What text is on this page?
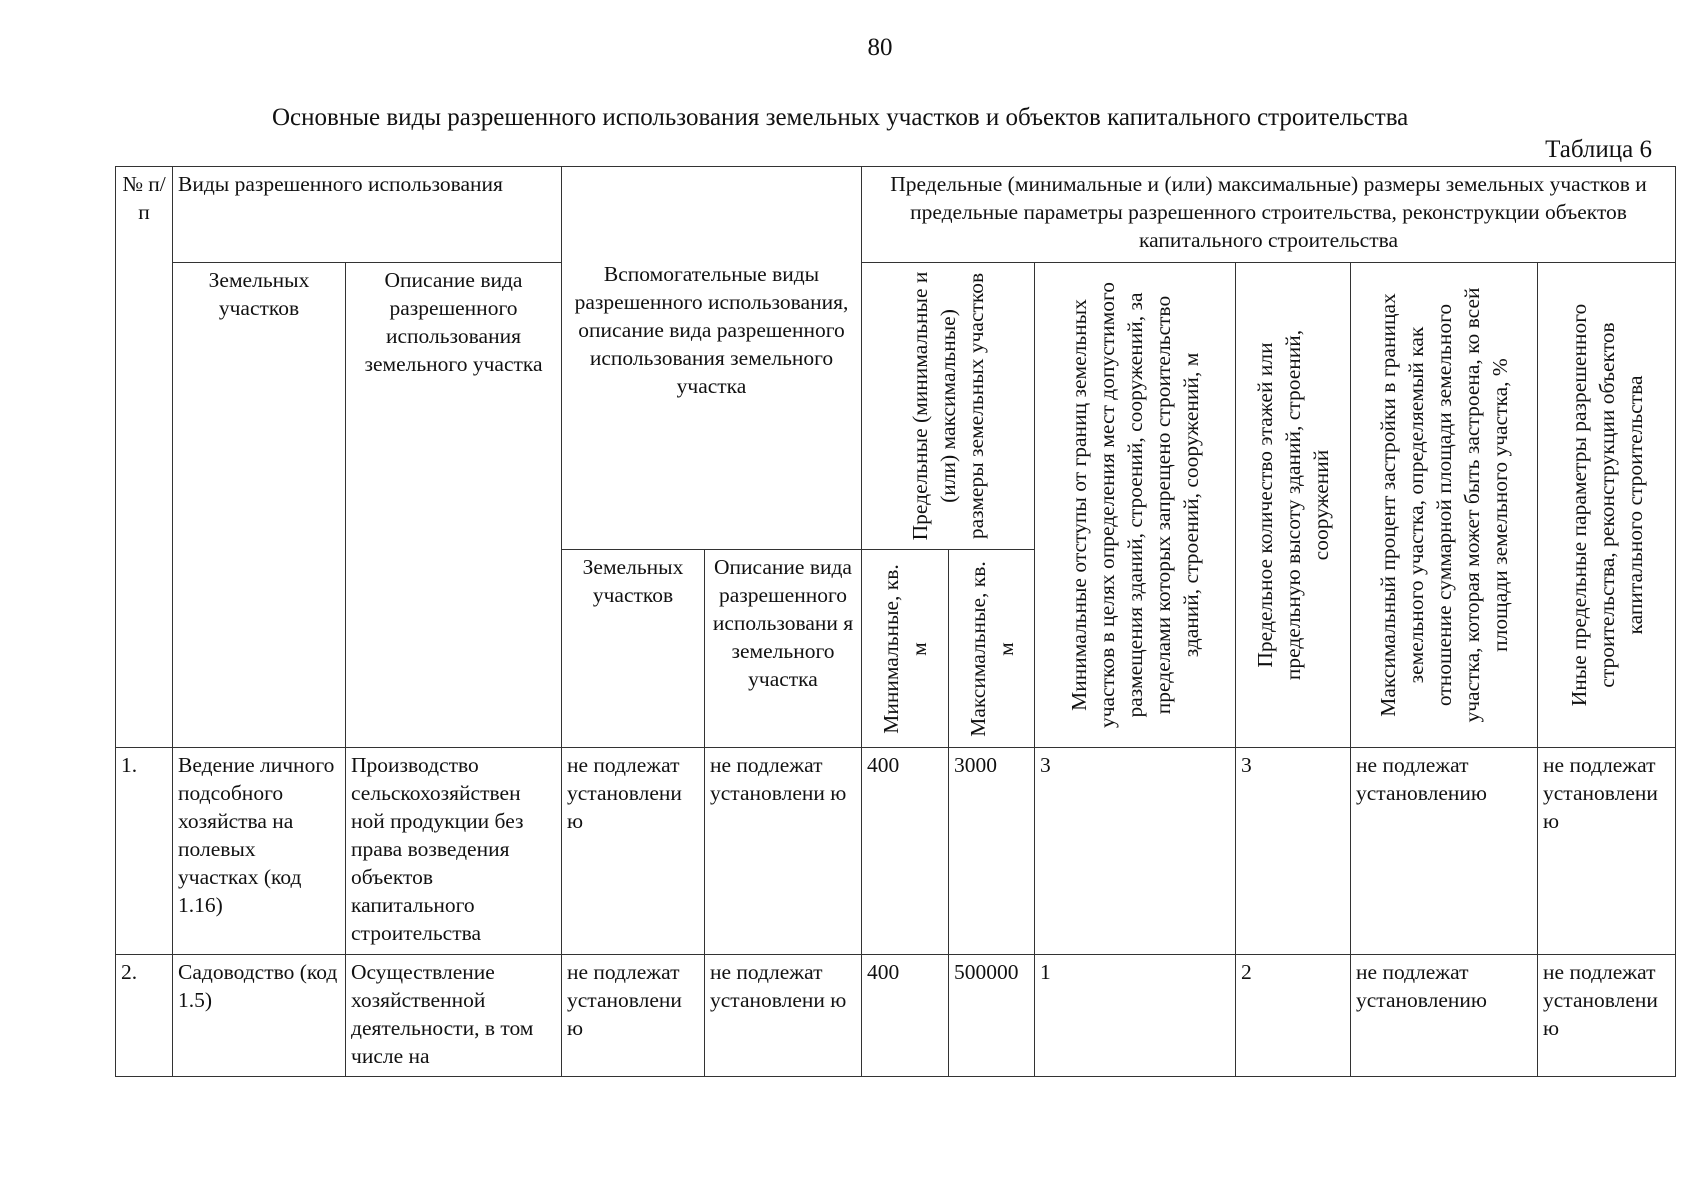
80
Основные виды разрешенного использования земельных участков и объектов капитального строительства
Таблица 6
№ п/п	Виды разрешенного использования		Вспомогательные виды разрешенного использования, описание вида разрешенного использования земельного участка		Предельные (минимальные и (или) максимальные) размеры земельных участков и предельные параметры разрешенного строительства, реконструкции объектов капитального строительства					
	Земельных участков	Описание вида разрешенного использования земельного участка			Предельные (минимальные и (или) максимальные) размеры земельных участков		Минимальные отступы от границ земельных участков в целях определения мест допустимого размещения зданий, строений, сооружений, за пределами которых запрещено строительство зданий, строений, сооружений, м	Предельное количество этажей или предельную высоту зданий, строений, сооружений	Максимальный процент застройки в границах земельного участка, определяемый как отношение суммарной площади земельного участка, которая может быть застроена, ко всей площади земельного участка, %	Иные предельные параметры разрешенного строительства, реконструкции объектов капитального строительства

			Земельных участков	Описание вида разрешенного использовани я земельного участка	Минимальные, кв. м	Максимальные, кв. м				

1.	Ведение личного подсобного хозяйства на полевых участках (код 1.16)	Производство сельскохозяйствен ной продукции без права возведения объектов капитального строительства	не подлежат установлени ю	не подлежат установлени ю	400	3000	3	3	не подлежат установлению	не подлежат установлени ю
2.	Садоводство (код 1.5)	Осуществление хозяйственной деятельности, в том числе на	не подлежат установлени ю	не подлежат установлени ю	400	500000	1	2	не подлежат установлению	не подлежат установлени ю
